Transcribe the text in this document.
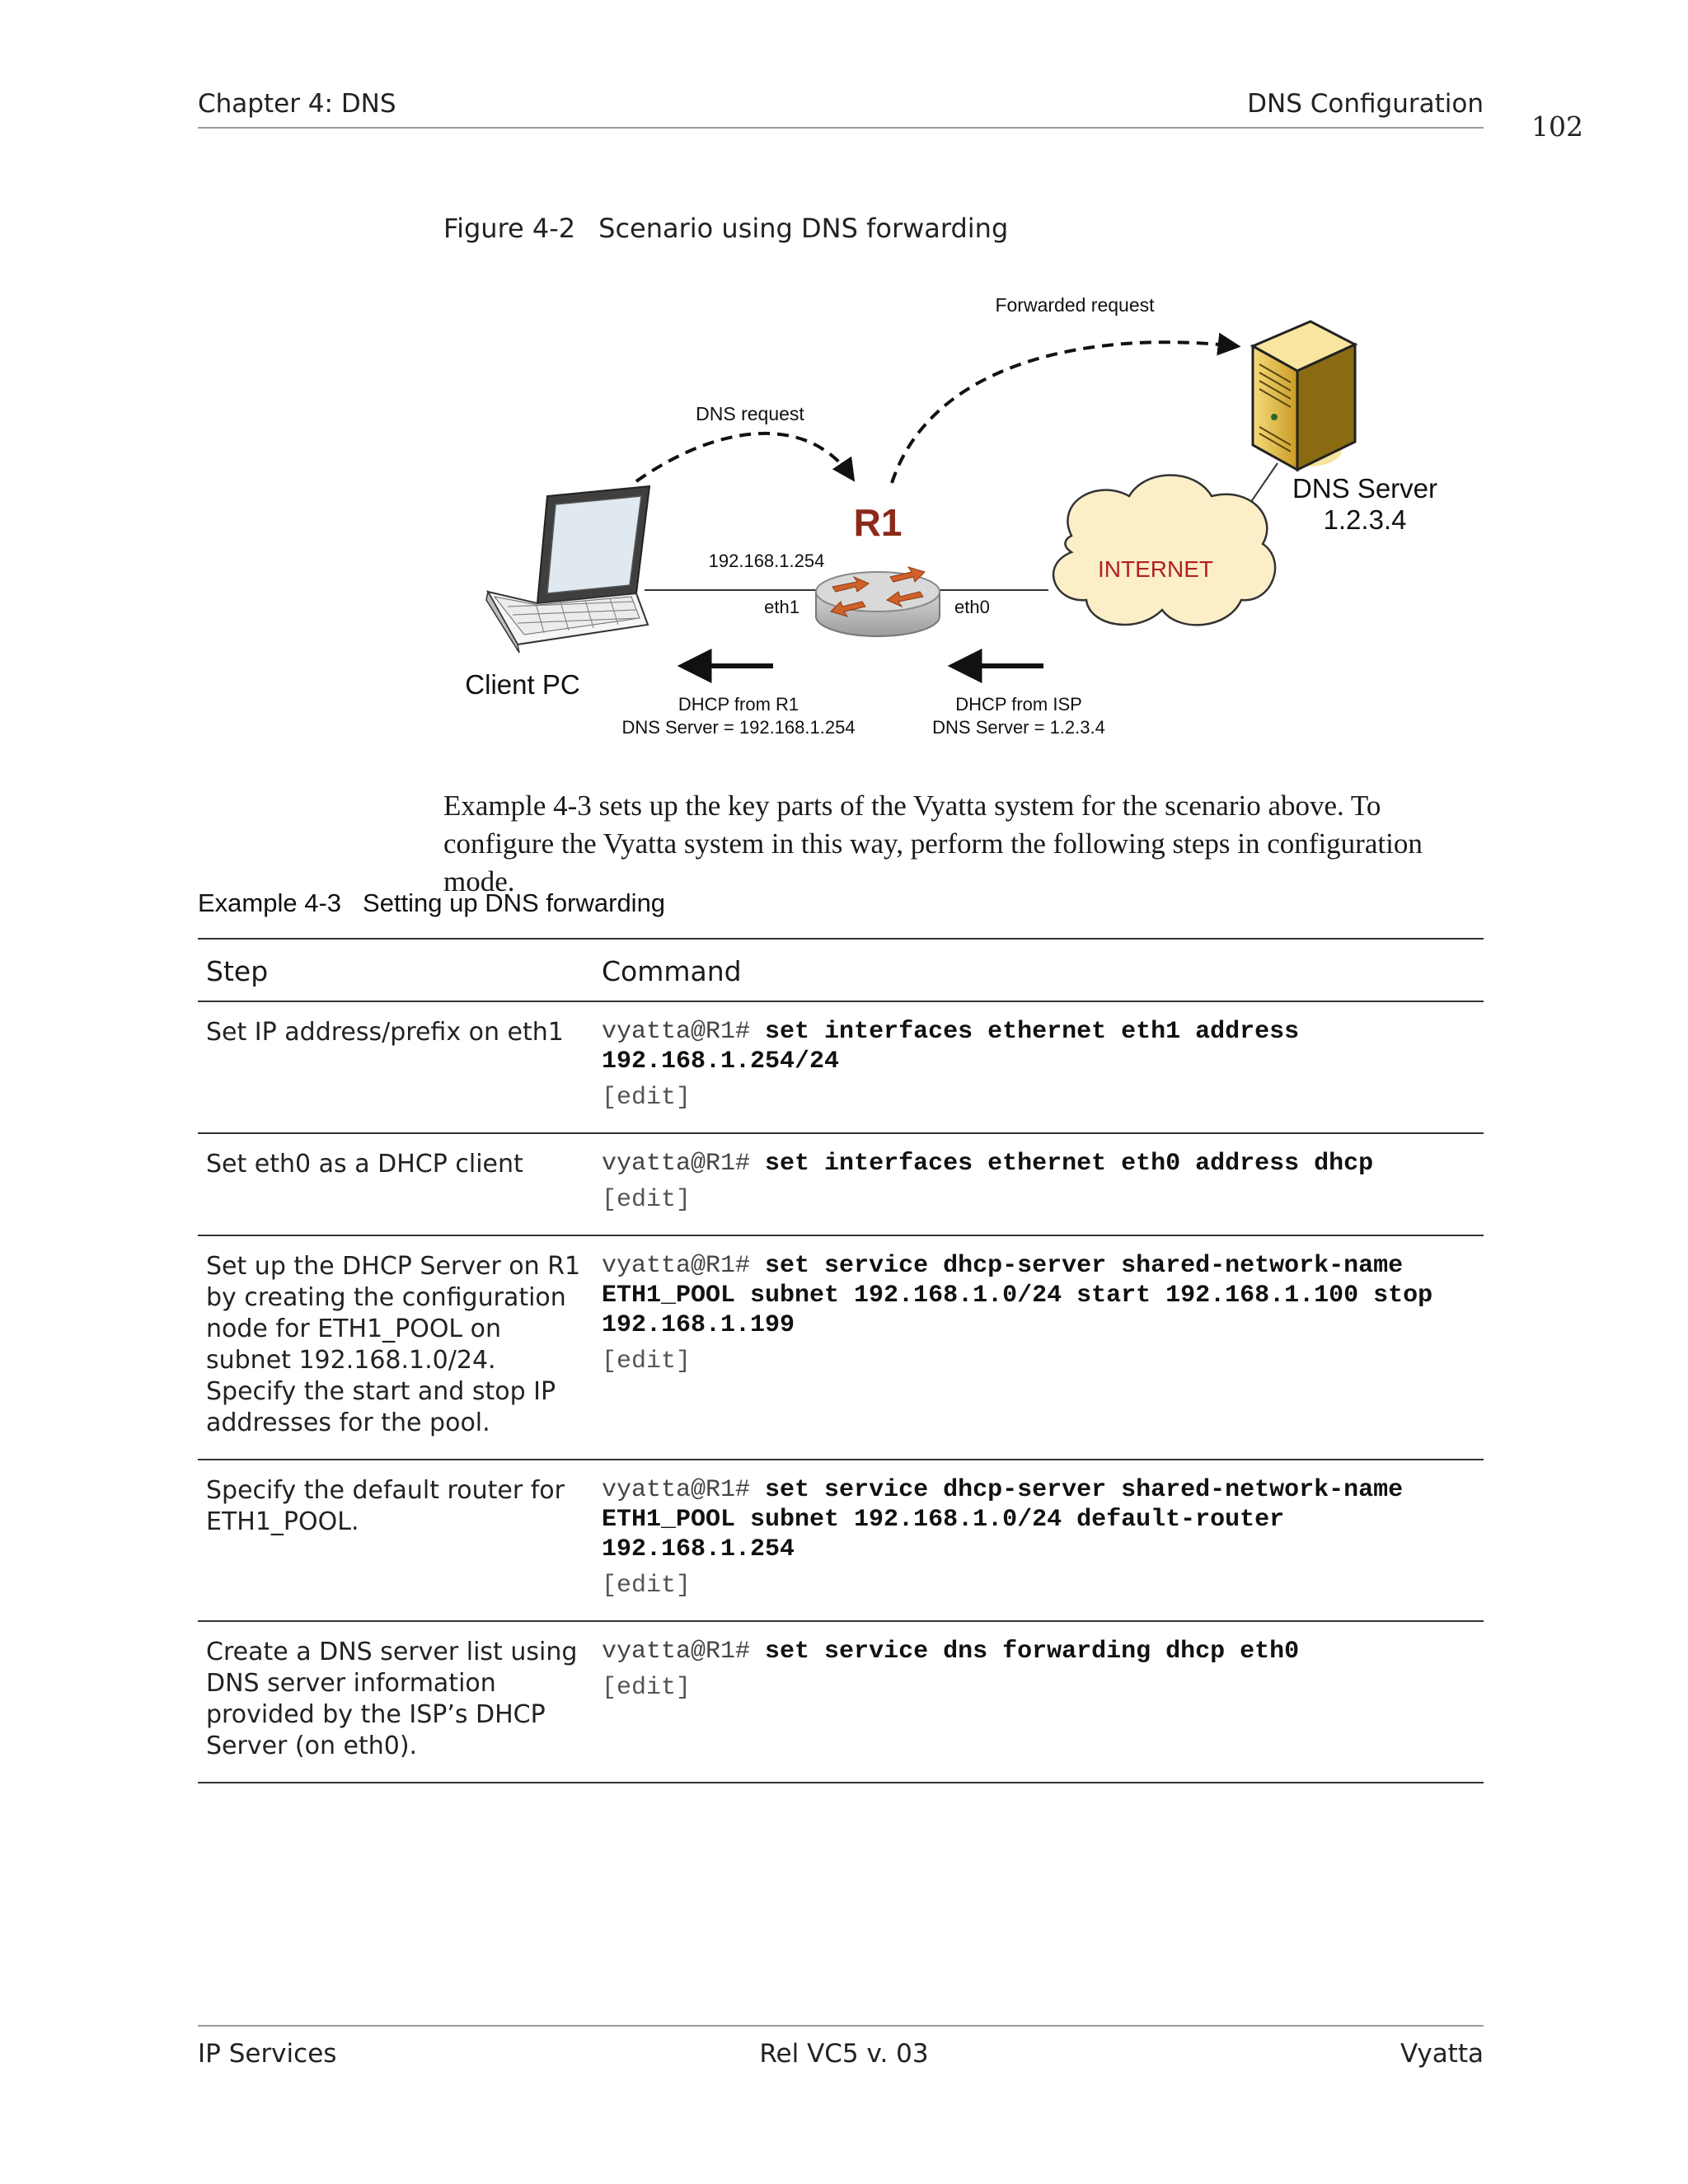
Chapter 4: DNS	DNS Configuration
102
Figure 4-2 Scenario using DNS forwarding
Forwarded request
DNS request
R1
192.168.1.254
eth1	eth0
INTERNET
DNS Server
1.2.3.4
Client PC
DHCP from R1
DNS Server = 192.168.1.254
DHCP from ISP
DNS Server = 1.2.3.4

Example 4-3 sets up the key parts of the Vyatta system for the scenario above. To configure the Vyatta system in this way, perform the following steps in configuration mode.

Example 4-3 Setting up DNS forwarding
Step	Command
Set IP address/prefix on eth1	vyatta@R1# set interfaces ethernet eth1 address 192.168.1.254/24
[edit]

Set eth0 as a DHCP client	vyatta@R1# set interfaces ethernet eth0 address dhcp
[edit]

Set up the DHCP Server on R1 by creating the configuration node for ETH1_POOL on subnet 192.168.1.0/24. Specify the start and stop IP addresses for the pool.	vyatta@R1# set service dhcp-server shared-network-name ETH1_POOL subnet 192.168.1.0/24 start 192.168.1.100 stop 192.168.1.199
[edit]

Specify the default router for ETH1_POOL.	vyatta@R1# set service dhcp-server shared-network-name ETH1_POOL subnet 192.168.1.0/24 default-router 192.168.1.254
[edit]

Create a DNS server list using DNS server information provided by the ISP’s DHCP Server (on eth0).	vyatta@R1# set service dns forwarding dhcp eth0
[edit]
IP Services	Rel VC5 v. 03	Vyatta
